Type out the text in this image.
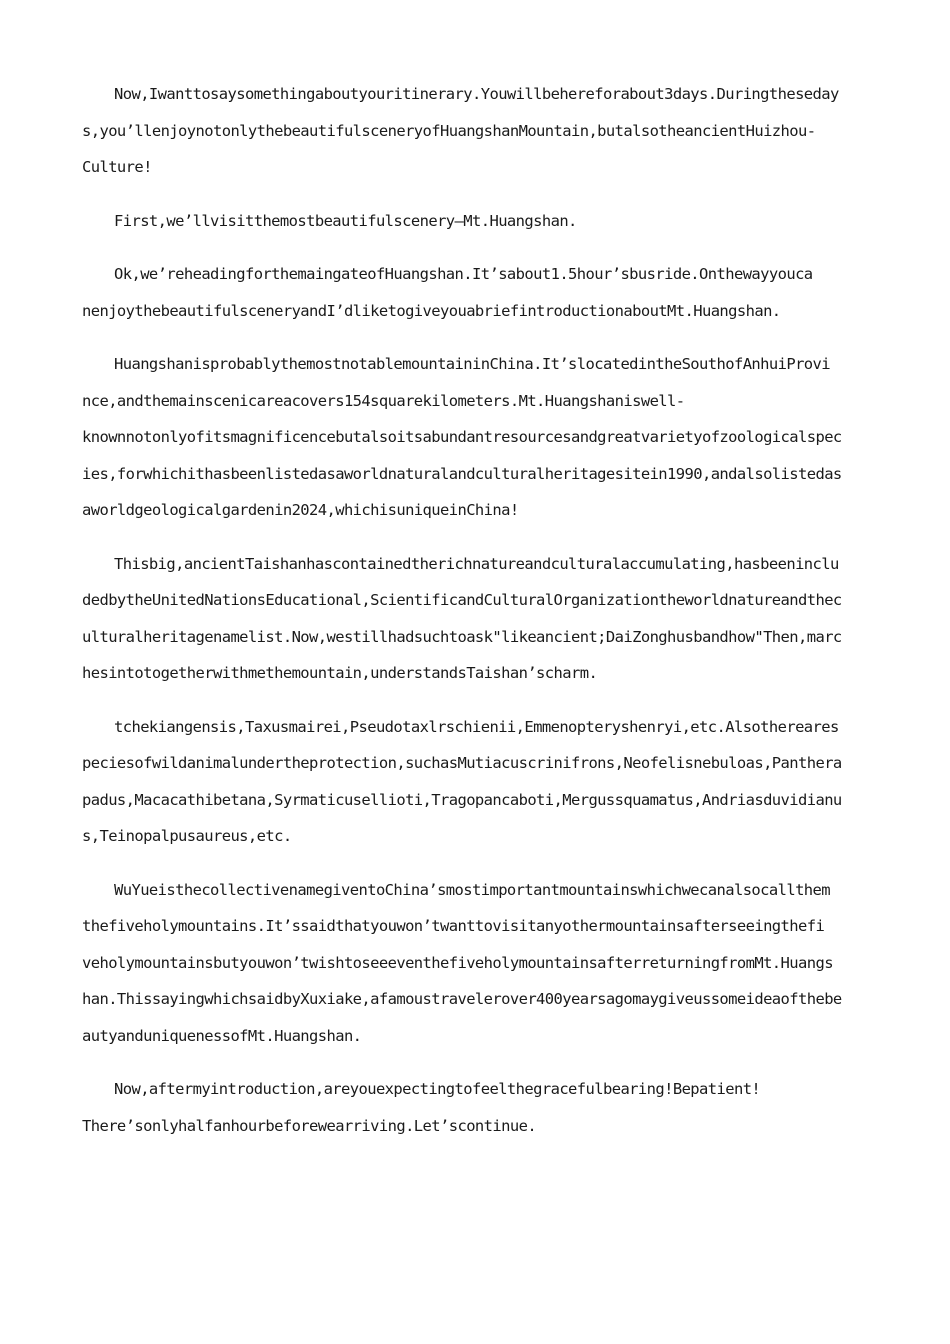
Now,Iwanttosaysomethingaboutyouritinerary.Youwillbehereforabout3days.Duringtheseday
s,you’llenjoynotonlythebeautifulsceneryofHuangshanMountain,butalsotheancientHuizhou-
Culture!

First,we’llvisitthemostbeautifulscenery—Mt.Huangshan.

Ok,we’reheadingforthemaingateofHuangshan.It’sabout1.5hour’sbusride.Onthewayyouca
nenjoythebeautifulsceneryandI’dliketogiveyouabriefintroductionaboutMt.Huangshan.

HuangshanisprobablythemostnotablemountaininChina.It’slocatedintheSouthofAnhuiProvi
nce,andthemainscenicareacovers154squarekilometers.Mt.Huangshaniswell-
knownnotonlyofitsmagnificencebutalsoitsabundantresourcesandgreatvarietyofzoologicalspec
ies,forwhichithasbeenlistedasaworldnaturalandculturalheritagesitein1990,andalsolistedas
aworldgeologicalgardenin2024,whichisuniqueinChina!

Thisbig,ancientTaishanhascontainedtherichnatureandculturalaccumulating,hasbeeninclu
dedbytheUnitedNationsEducational,ScientificandCulturalOrganizationtheworldnatureandthec
ulturalheritagenamelist.Now,westillhadsuchtoask"likeancient;DaiZonghusbandhow"Then,marc
hesintotogetherwithmethemountain,understandsTaishan’scharm.

tchekiangensis,Taxusmairei,Pseudotaxlrschienii,Emmenopteryshenryi,etc.Alsothereares
peciesofwildanimalundertheprotection,suchasMutiacuscrinifrons,Neofelisnebuloas,Panthera
padus,Macacathibetana,Syrmaticuselliotі,Tragopancaboti,Mergussquamatus,Andriasduvidianu
s,Teinopalpusaureus,etc.

WuYueisthecollectivenamegiventoChina’smostimportantmountainswhichwecanalsocallthem
thefiveholymountains.It’ssaidthatyouwon’twanttovisitanyothermountainsafterseeingthefi
veholymountainsbutyouwon’twishtoseeeventhefiveholymountainsafterreturningfromMt.Huangs
han.ThissayingwhichsaidbyXuxiake,afamoustravelerover400yearsagomaygiveussomeideaofthebe
autyanduniquenessofMt.Huangshan.

Now,aftermyintroduction,areyouexpectingtofeelthegracefulbearing!Bepatient!
There’sonlyhalfanhourbeforewearriving.Let’scontinue.
